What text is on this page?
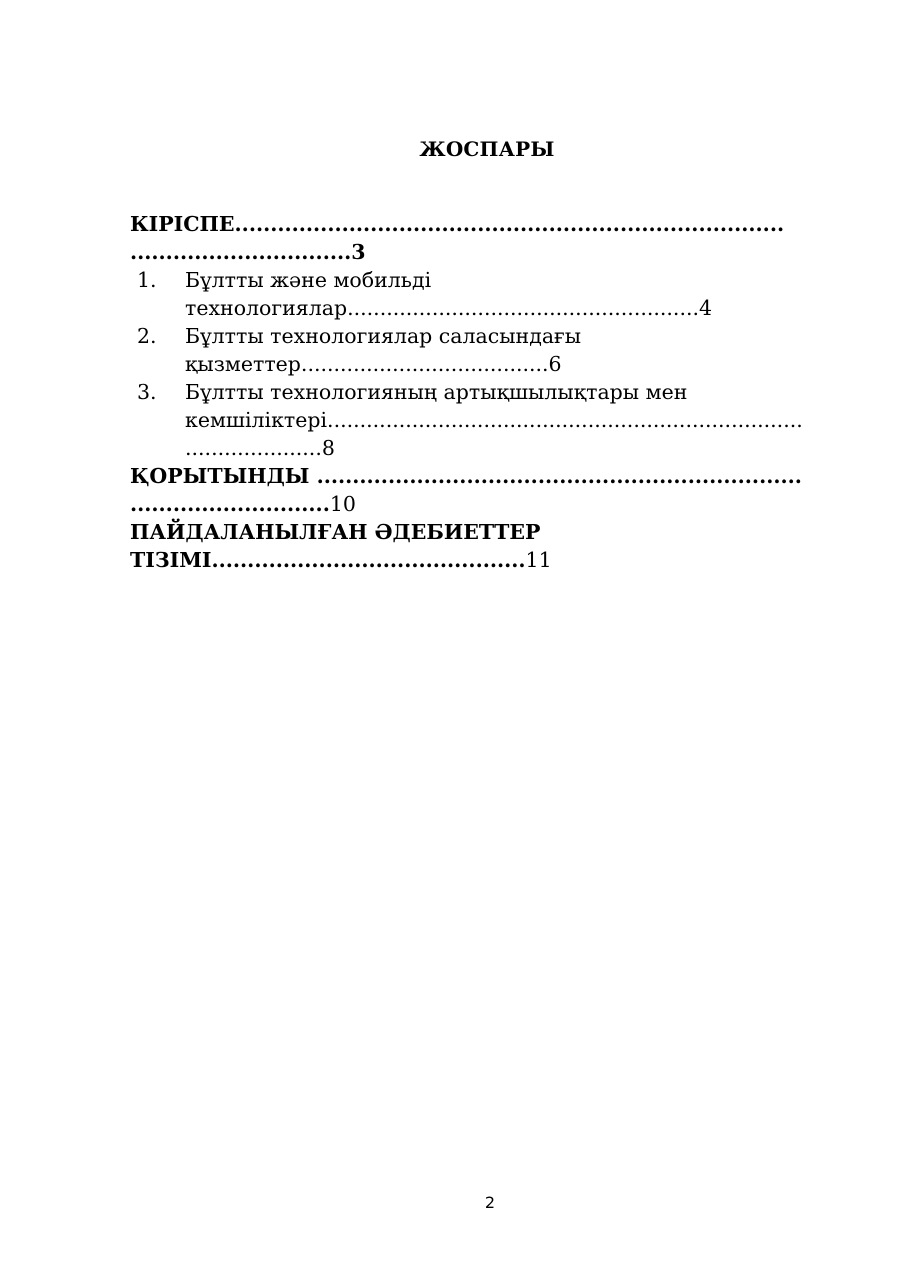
ЖОСПАРЫ
КІРІСПЕ.............................................................................
...............................3
1.	Бұлтты және мобильді
технологиялар......................................................4
2.	Бұлтты технологиялар саласындағы
қызметтер......................................6
3.	Бұлтты технологияның артықшылықтары мен
кемшіліктері.........................................................................
.....................8
ҚОРЫТЫНДЫ ....................................................................
............................10
ПАЙДАЛАНЫЛҒАН ӘДЕБИЕТТЕР
ТІЗІМІ............................................11
2
